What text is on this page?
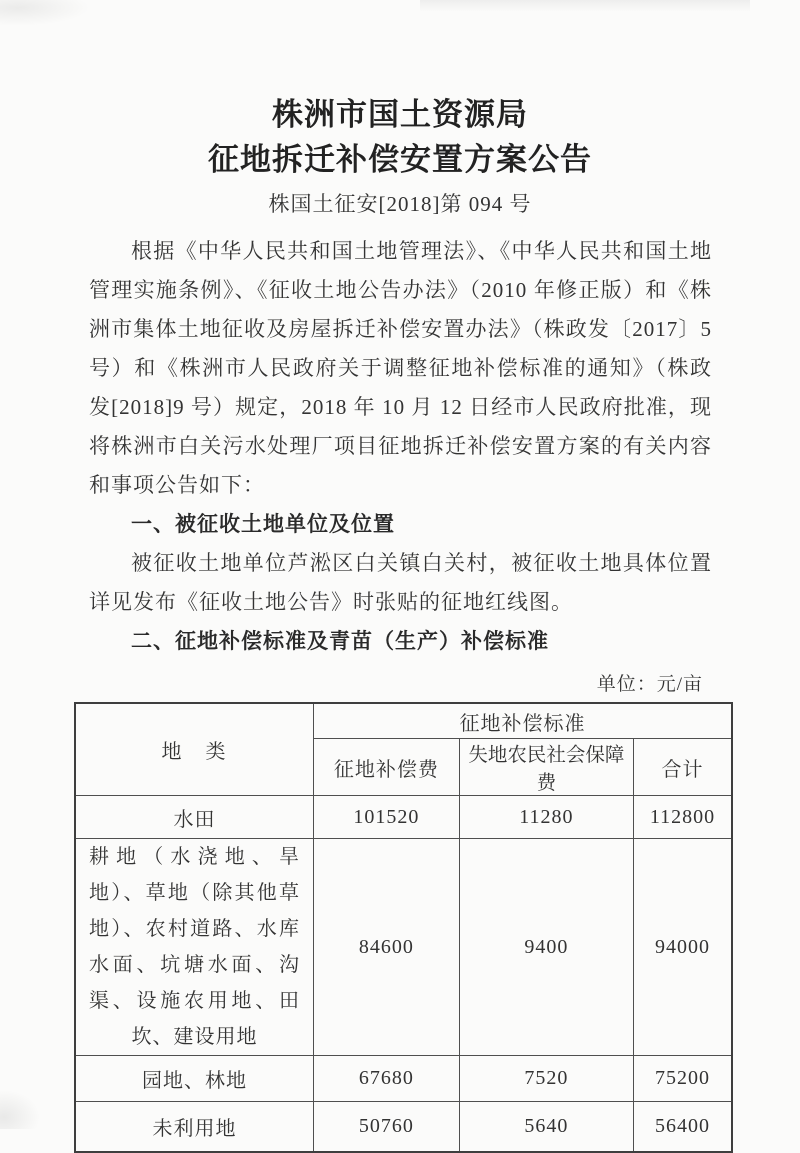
株洲市国土资源局
征地拆迁补偿安置方案公告
株国土征安[2018]第 094 号

根据《中华人民共和国土地管理法》、《中华人民共和国土地管理实施条例》、《征收土地公告办法》（2010 年修正版）和《株洲市集体土地征收及房屋拆迁补偿安置办法》（株政发〔2017〕5 号）和《株洲市人民政府关于调整征地补偿标准的通知》（株政发[2018]9 号）规定，2018 年 10 月 12 日经市人民政府批准，现将株洲市白关污水处理厂项目征地拆迁补偿安置方案的有关内容和事项公告如下：

一、被征收土地单位及位置

被征收土地单位芦淞区白关镇白关村，被征收土地具体位置详见发布《征收土地公告》时张贴的征地红线图。

二、征地补偿标准及青苗（生产）补偿标准
单位：元/亩
地　类	征地补偿标准		
	征地补偿费	失地农民社会保障费	合计
水田	101520	11280	112800
耕地（水浇地、旱地）、草地（除其他草地）、农村道路、水库水面、坑塘水面、沟渠、设施农用地、田坎、建设用地	84600	9400	94000
园地、林地	67680	7520	75200
未利用地	50760	5640	56400
